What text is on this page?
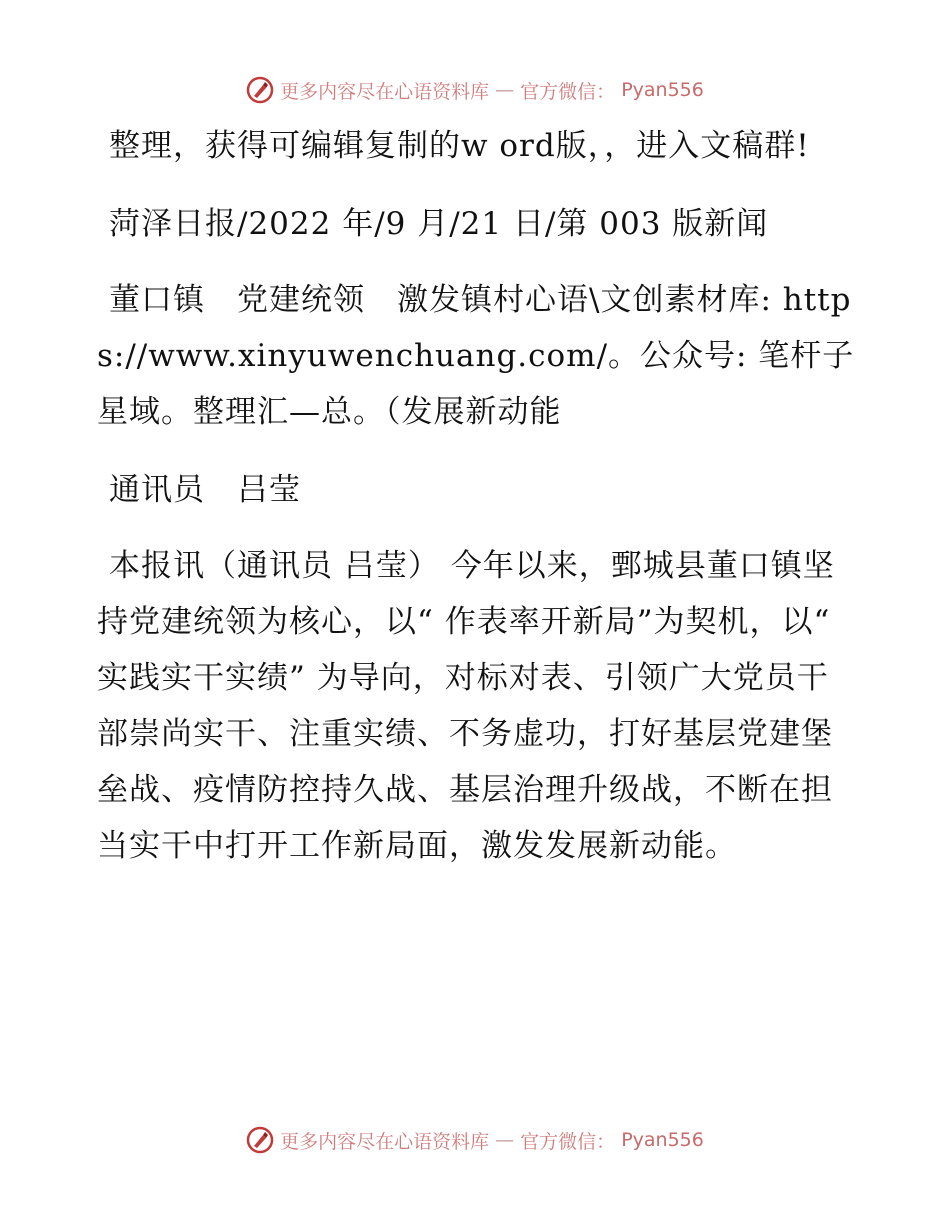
更多内容尽在心语资料库 — 官方微信： Pyan556

整理，获得可编辑复制的w ord版，，进入文稿群!

菏泽日报/2022 年/9 月/21 日/第 003 版新闻

董口镇　党建统领　激发镇村心语\文创素材库: https://www.xinyuwenchuang.com/。公众号: 笔杆子星域。整理汇—总。（发展新动能

通讯员　吕莹

本报讯（通讯员 吕莹） 今年以来，鄄城县董口镇坚持党建统领为核心，以“ 作表率开新局”为契机，以“ 实践实干实绩” 为导向，对标对表、引领广大党员干部崇尚实干、注重实绩、不务虚功，打好基层党建堡垒战、疫情防控持久战、基层治理升级战，不断在担当实干中打开工作新局面，激发发展新动能。

更多内容尽在心语资料库 — 官方微信： Pyan556
